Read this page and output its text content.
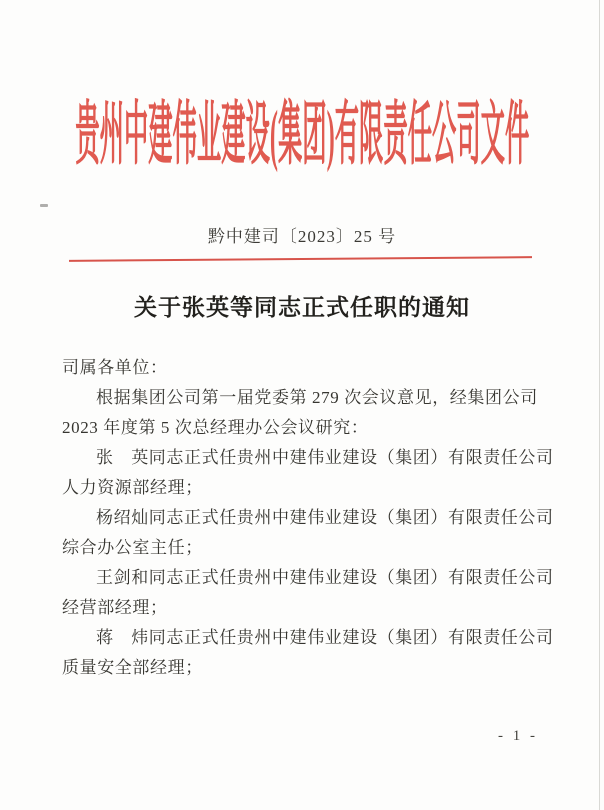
贵州中建伟业建设(集团)有限责任公司文件
黔中建司〔2023〕25 号
关于张英等同志正式任职的通知
司属各单位：
根据集团公司第一届党委第 279 次会议意见，经集团公司
2023 年度第 5 次总经理办公会议研究：
张　英同志正式任贵州中建伟业建设（集团）有限责任公司
人力资源部经理；
杨绍灿同志正式任贵州中建伟业建设（集团）有限责任公司
综合办公室主任；
王剑和同志正式任贵州中建伟业建设（集团）有限责任公司
经营部经理；
蒋　炜同志正式任贵州中建伟业建设（集团）有限责任公司
质量安全部经理；
- 1 -
